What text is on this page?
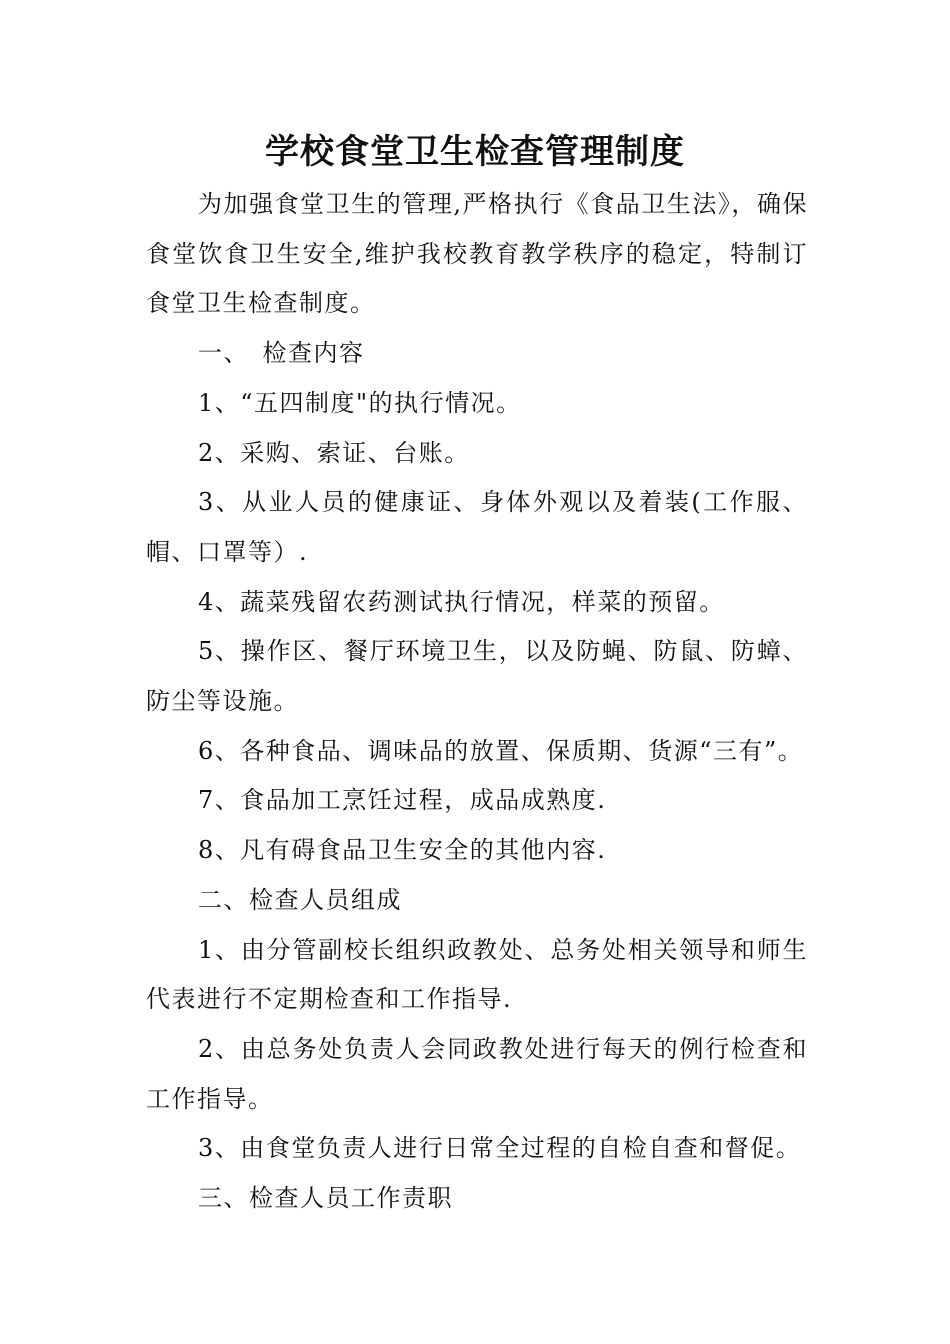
学校食堂卫生检查管理制度

为加强食堂卫生的管理,严格执行《食品卫生法》，确保食堂饮食卫生安全,维护我校教育教学秩序的稳定，特制订食堂卫生检查制度。

一、　检查内容

1、“五四制度"的执行情况。

2、采购、索证、台账。

3、从业人员的健康证、身体外观以及着装(工作服、帽、口罩等）.

4、蔬菜残留农药测试执行情况，样菜的预留。

5、操作区、餐厅环境卫生，以及防蝇、防鼠、防蟑、防尘等设施。

6、各种食品、调味品的放置、保质期、货源“三有”。

7、食品加工烹饪过程，成品成熟度.

8、凡有碍食品卫生安全的其他内容.

二、检查人员组成

1、由分管副校长组织政教处、总务处相关领导和师生代表进行不定期检查和工作指导.

2、由总务处负责人会同政教处进行每天的例行检查和工作指导。

3、由食堂负责人进行日常全过程的自检自查和督促。

三、检查人员工作责职
